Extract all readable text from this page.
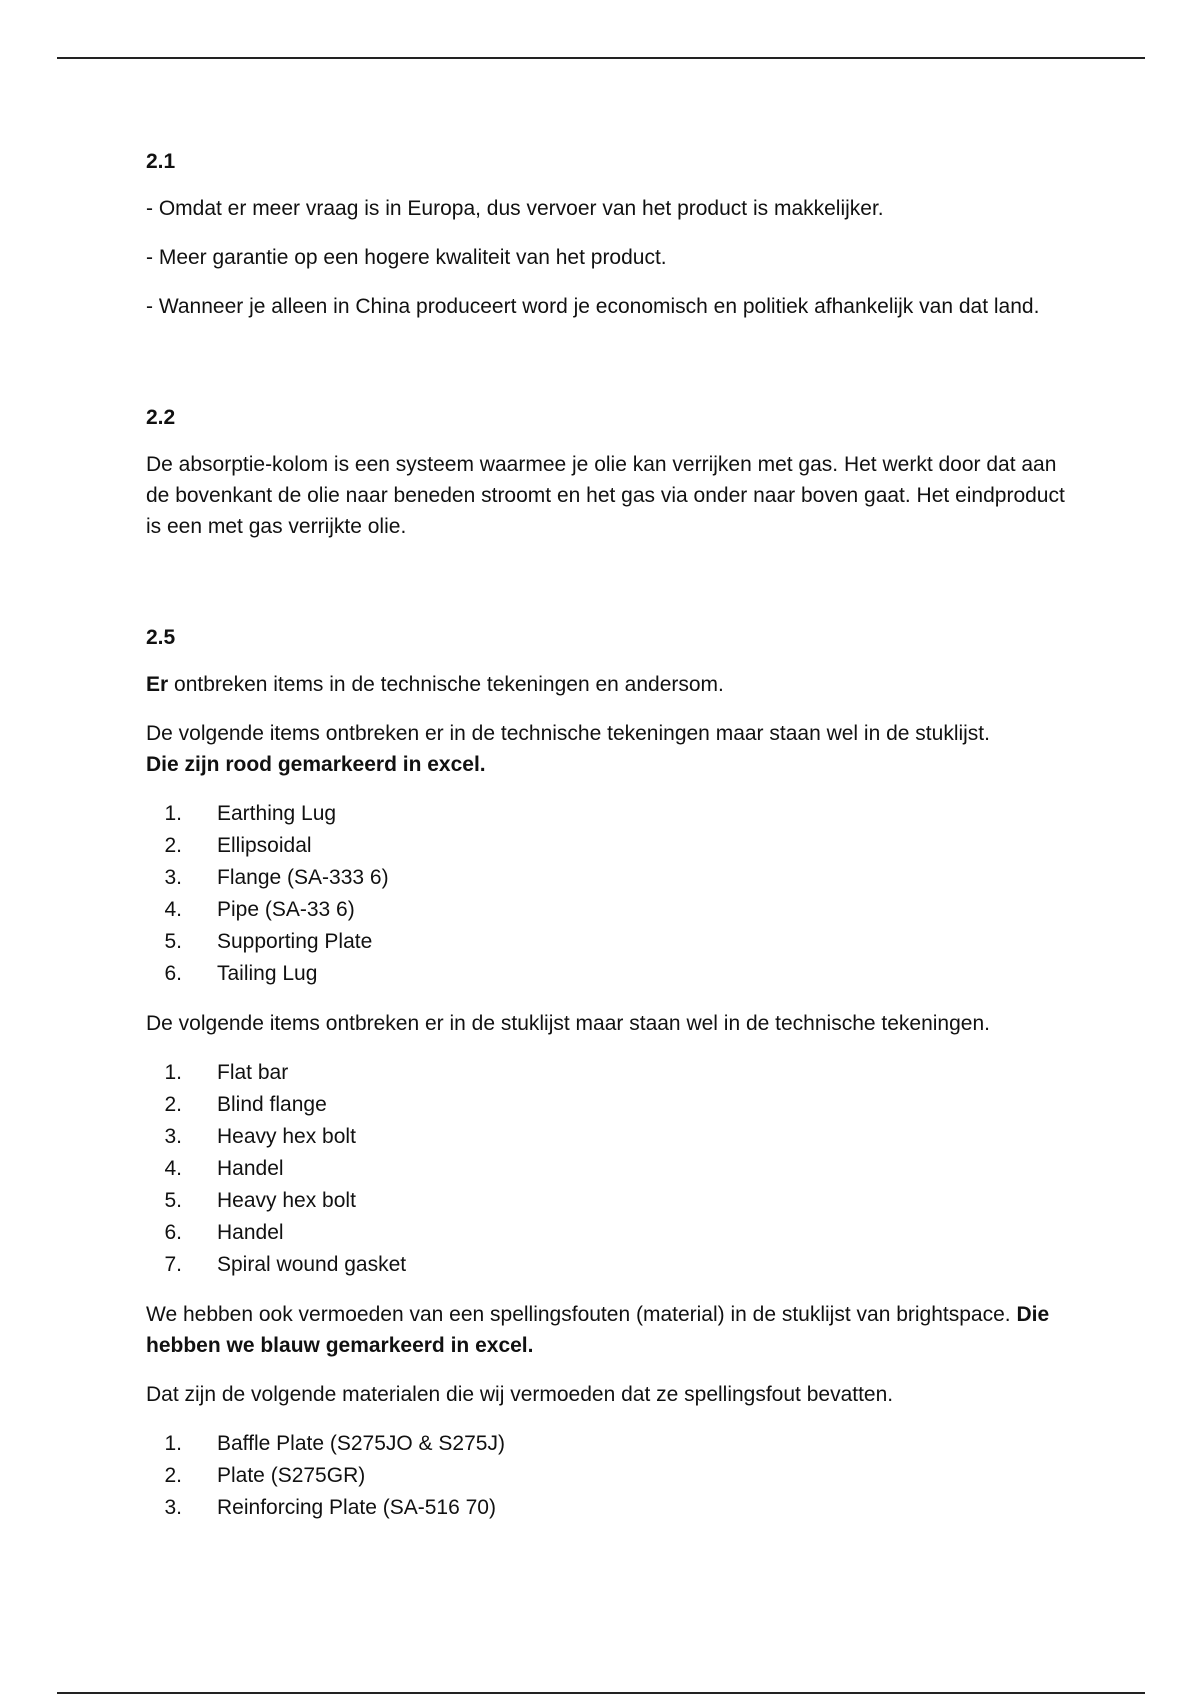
2.1

- Omdat er meer vraag is in Europa, dus vervoer van het product is makkelijker.

- Meer garantie op een hogere kwaliteit van het product.

- Wanneer je alleen in China produceert word je economisch en politiek afhankelijk van dat land.

2.2

De absorptie-kolom is een systeem waarmee je olie kan verrijken met gas. Het werkt door dat aan de bovenkant de olie naar beneden stroomt en het gas via onder naar boven gaat. Het eindproduct is een met gas verrijkte olie.

2.5

Er ontbreken items in de technische tekeningen en andersom.

De volgende items ontbreken er in de technische tekeningen maar staan wel in de stuklijst.
Die zijn rood gemarkeerd in excel.

1. Earthing Lug
2. Ellipsoidal
3. Flange (SA-333 6)
4. Pipe (SA-33 6)
5. Supporting Plate
6. Tailing Lug

De volgende items ontbreken er in de stuklijst maar staan wel in de technische tekeningen.

1. Flat bar
2. Blind flange
3. Heavy hex bolt
4. Handel
5. Heavy hex bolt
6. Handel
7. Spiral wound gasket

We hebben ook vermoeden van een spellingsfouten (material) in de stuklijst van brightspace. Die hebben we blauw gemarkeerd in excel.

Dat zijn de volgende materialen die wij vermoeden dat ze spellingsfout bevatten.

1. Baffle Plate (S275JO & S275J)
2. Plate (S275GR)
3. Reinforcing Plate (SA-516 70)
